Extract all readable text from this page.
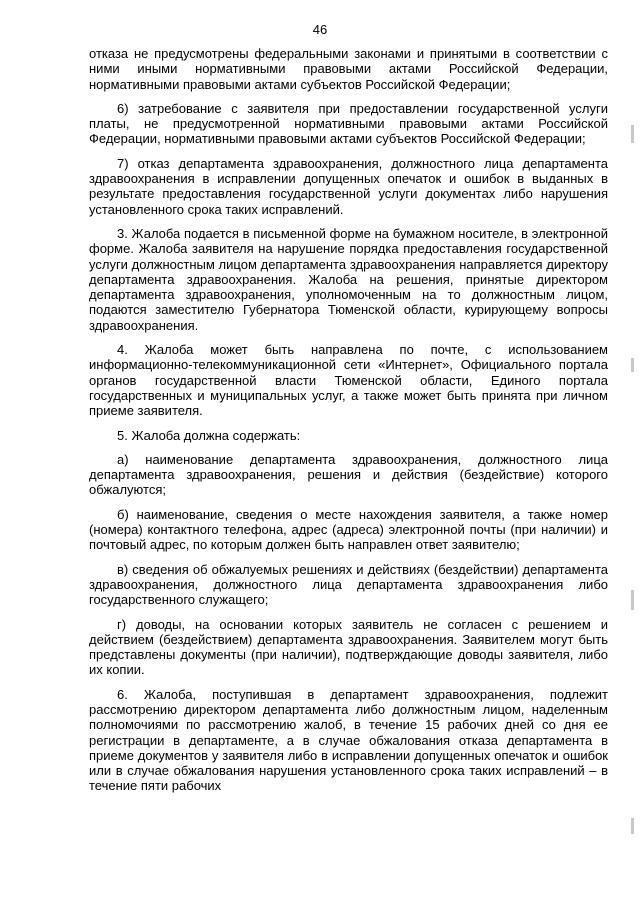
46

отказа не предусмотрены федеральными законами и принятыми в соответствии с ними иными нормативными правовыми актами Российской Федерации, нормативными правовыми актами субъектов Российской Федерации;

6) затребование с заявителя при предоставлении государственной услуги платы, не предусмотренной нормативными правовыми актами Российской Федерации, нормативными правовыми актами субъектов Российской Федерации;

7) отказ департамента здравоохранения, должностного лица департамента здравоохранения в исправлении допущенных опечаток и ошибок в выданных в результате предоставления государственной услуги документах либо нарушения установленного срока таких исправлений.

3. Жалоба подается в письменной форме на бумажном носителе, в электронной форме. Жалоба заявителя на нарушение порядка предоставления государственной услуги должностным лицом департамента здравоохранения направляется директору департамента здравоохранения. Жалоба на решения, принятые директором департамента здравоохранения, уполномоченным на то должностным лицом, подаются заместителю Губернатора Тюменской области, курирующему вопросы здравоохранения.

4. Жалоба может быть направлена по почте, с использованием информационно-телекоммуникационной сети «Интернет», Официального портала органов государственной власти Тюменской области, Единого портала государственных и муниципальных услуг, а также может быть принята при личном приеме заявителя.

5. Жалоба должна содержать:

а) наименование департамента здравоохранения, должностного лица департамента здравоохранения, решения и действия (бездействие) которого обжалуются;

б) наименование, сведения о месте нахождения заявителя, а также номер (номера) контактного телефона, адрес (адреса) электронной почты (при наличии) и почтовый адрес, по которым должен быть направлен ответ заявителю;

в) сведения об обжалуемых решениях и действиях (бездействии) департамента здравоохранения, должностного лица департамента здравоохранения либо государственного служащего;

г) доводы, на основании которых заявитель не согласен с решением и действием (бездействием) департамента здравоохранения. Заявителем могут быть представлены документы (при наличии), подтверждающие доводы заявителя, либо их копии.

6. Жалоба, поступившая в департамент здравоохранения, подлежит рассмотрению директором департамента либо должностным лицом, наделенным полномочиями по рассмотрению жалоб, в течение 15 рабочих дней со дня ее регистрации в департаменте, а в случае обжалования отказа департамента в приеме документов у заявителя либо в исправлении допущенных опечаток и ошибок или в случае обжалования нарушения установленного срока таких исправлений – в течение пяти рабочих
